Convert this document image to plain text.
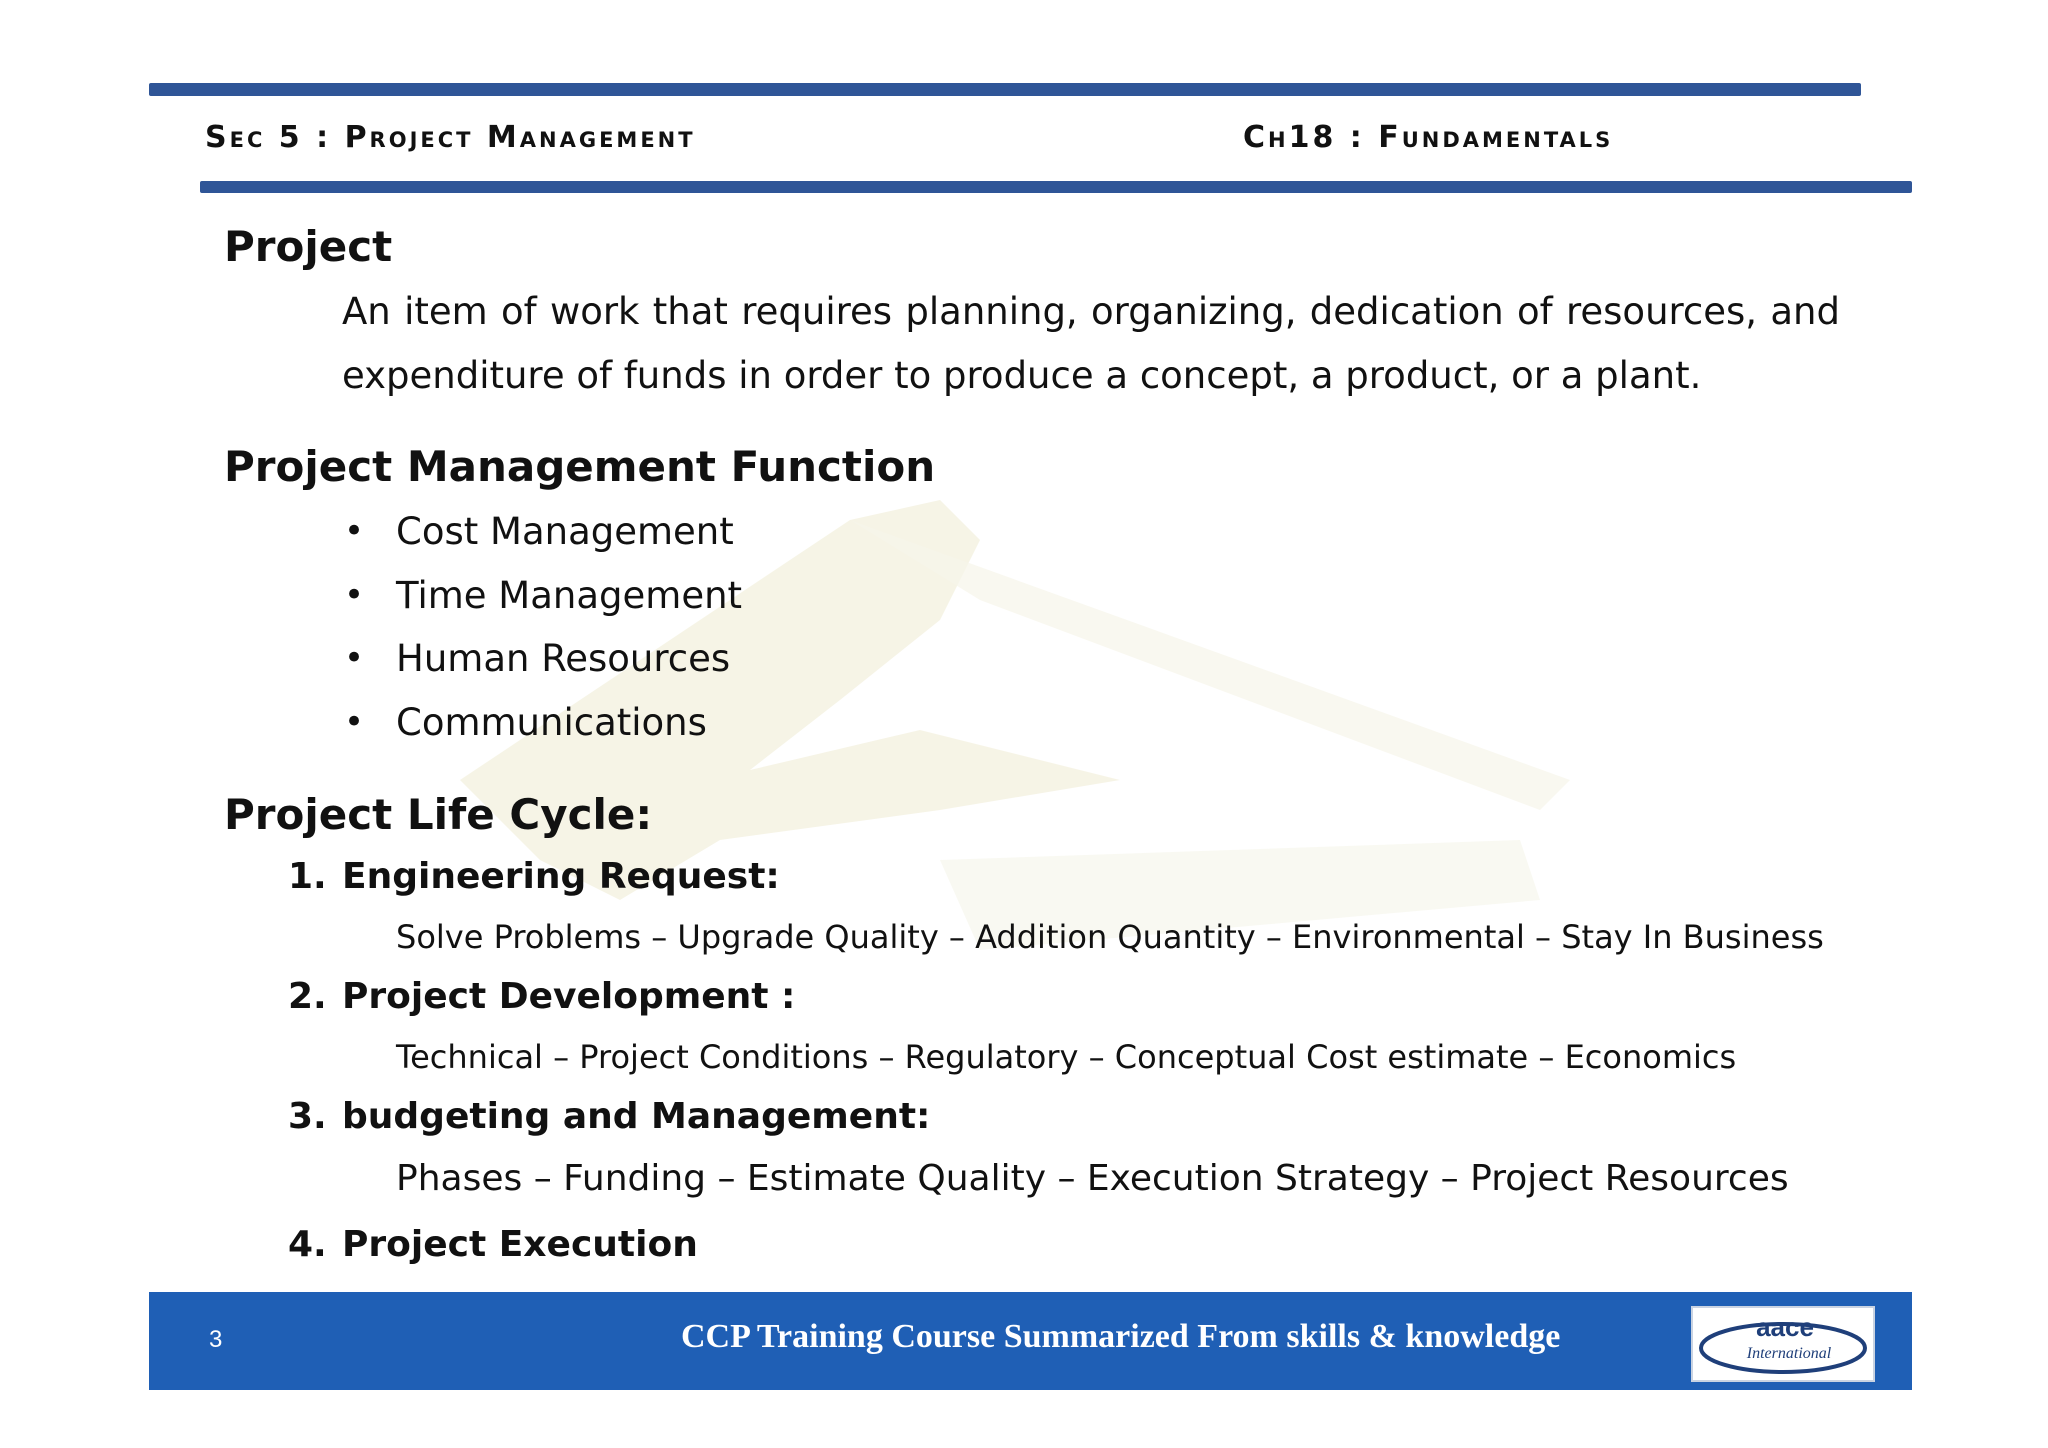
Sec 5 : Project Management	Ch18 : Fundamentals
Project
An item of work that requires planning, organizing, dedication of resources, and expenditure of funds in order to produce a concept, a product, or a plant.
Project Management Function
• Cost Management
• Time Management
• Human Resources
• Communications
Project Life Cycle:
1. Engineering Request:
Solve Problems – Upgrade Quality – Addition Quantity – Environmental – Stay In Business
2. Project Development :
Technical – Project Conditions – Regulatory – Conceptual Cost estimate – Economics
3. budgeting and Management:
Phases – Funding – Estimate Quality – Execution Strategy – Project Resources
4. Project Execution
3	CCP Training Course Summarized From skills & knowledge	aace
International
